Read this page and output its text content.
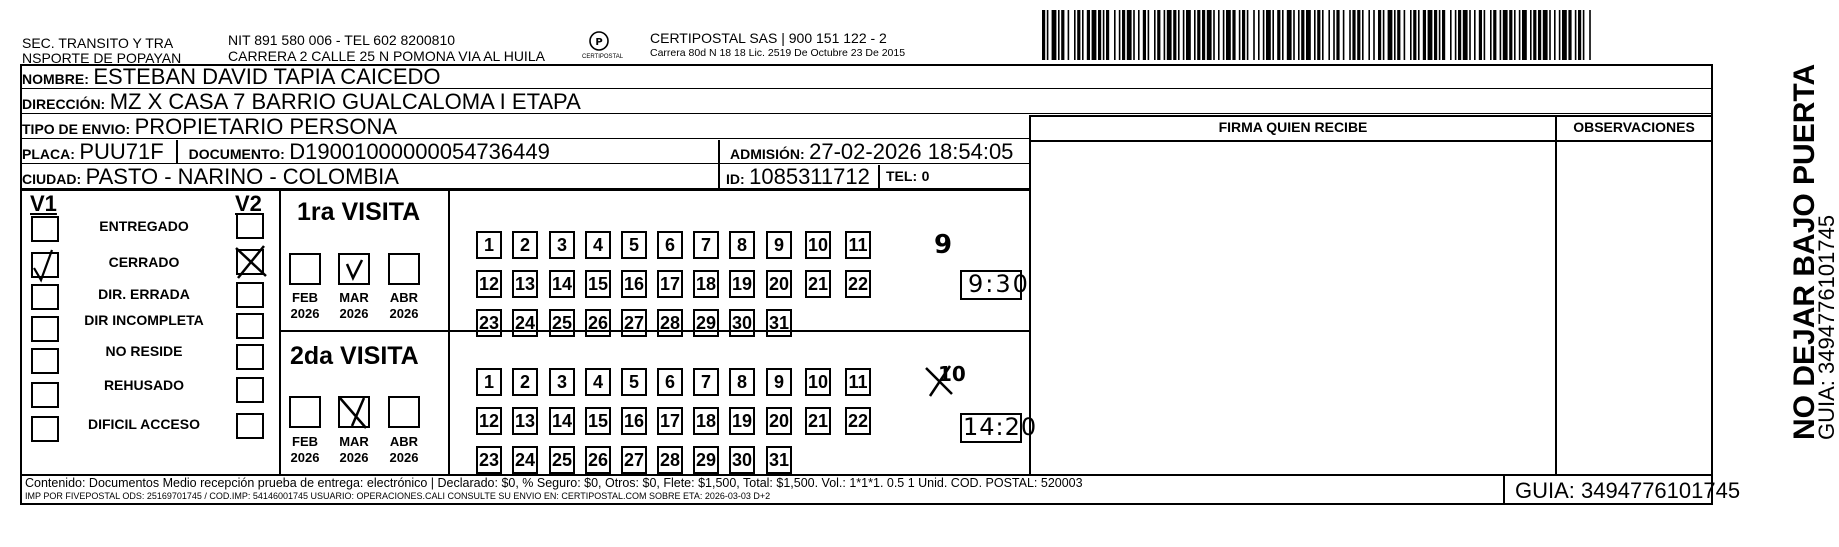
SEC. TRANSITO Y TRA
NSPORTE DE POPAYAN
NIT 891 580 006 - TEL 602 8200810
CARRERA 2 CALLE 25 N POMONA VIA AL HUILA
P
CERTIPOSTAL
CERTIPOSTAL SAS | 900 151 122 - 2
Carrera 80d N 18 18 Lic. 2519 De Octubre 23 De 2015
NOMBRE: ESTEBAN DAVID TAPIA CAICEDO
DIRECCIÓN: MZ X CASA 7 BARRIO GUALCALOMA I ETAPA
TIPO DE ENVIO: PROPIETARIO PERSONA
PLACA: PUU71F DOCUMENTO: D19001000000054736449	ADMISIÓN: 27-02-2026 18:54:05
CIUDAD: PASTO - NARINO - COLOMBIA	ID: 1085311712 TEL: 0
FIRMA QUIEN RECIBE	OBSERVACIONES
V1	V2
ENTREGADO
CERRADO
DIR. ERRADA
DIR INCOMPLETA
NO RESIDE
REHUSADO
DIFICIL ACCESO
1ra VISITA
FEB
2026
MAR
2026
ABR
2026
2da VISITA
FEB
2026
MAR
2026
ABR
2026
1	2	3	4	5	6	7	8	9	10 11
12 13 14 15 16 17 18 19 20 21 22
23 24 25 26 27 28 29 30 31
1	2	3	4	5	6	7	8	9	10 11
12 13 14 15 16 17 18 19 20 21 22
23 24 25 26 27 28 29 30 31
9:30
14:20
9
10
Contenido: Documentos Medio recepción prueba de entrega: electrónico | Declarado: $0, % Seguro: $0, Otros: $0, Flete: $1,500, Total: $1,500. Vol.: 1*1*1. 0.5 1 Unid. COD. POSTAL: 520003
IMP POR FIVEPOSTAL ODS: 25169701745 / COD.IMP: 54146001745 USUARIO: OPERACIONES.CALI CONSULTE SU ENVIO EN: CERTIPOSTAL.COM SOBRE ETA: 2026-03-03 D+2	GUIA: 3494776101745
NO DEJAR BAJO PUERTA
GUIA: 3494776101745
